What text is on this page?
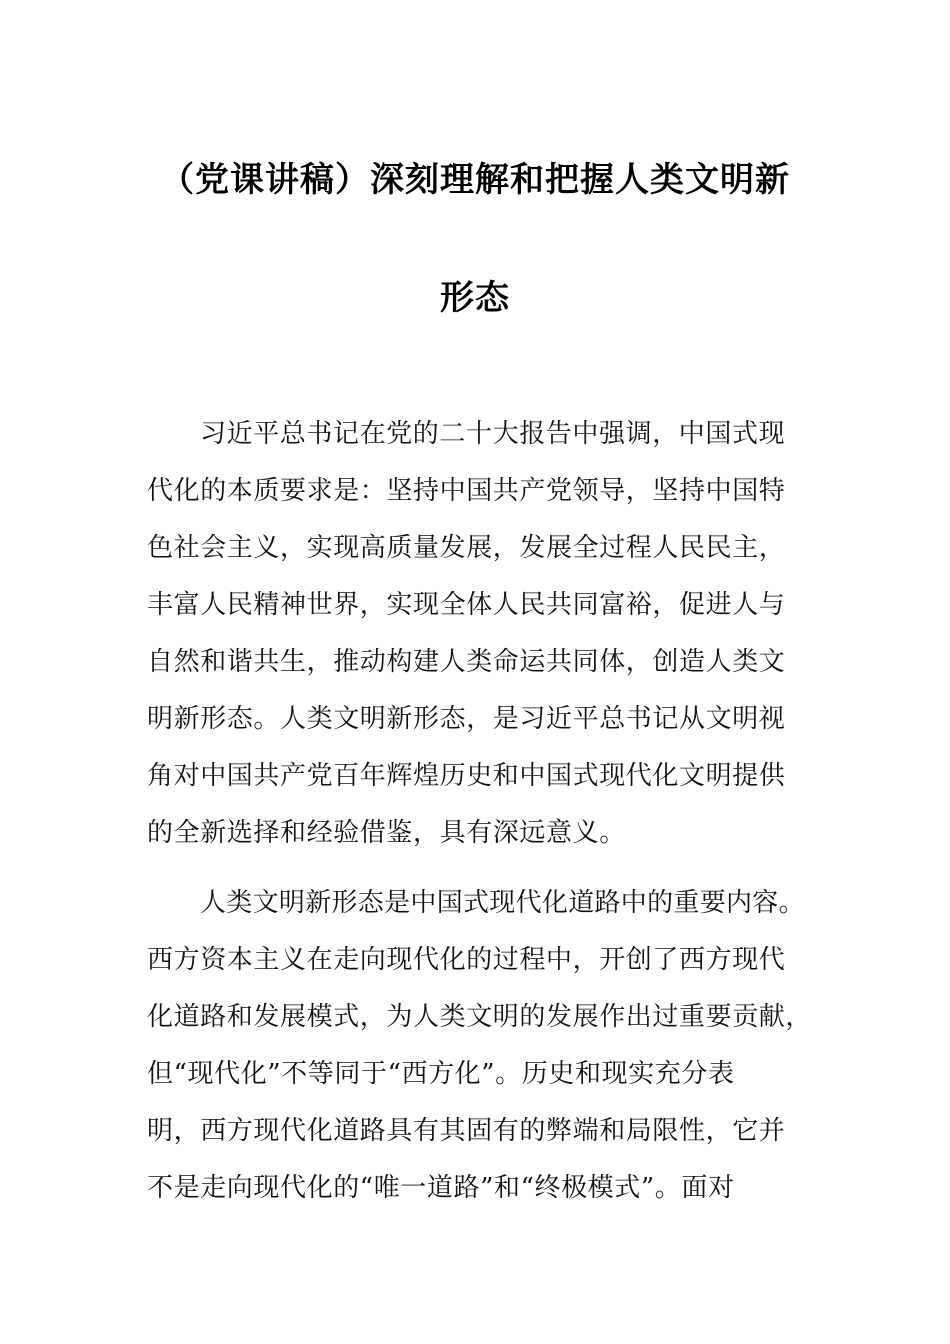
（党课讲稿）深刻理解和把握人类文明新
形态
习近平总书记在党的二十大报告中强调，中国式现
代化的本质要求是：坚持中国共产党领导，坚持中国特
色社会主义，实现高质量发展，发展全过程人民民主，
丰富人民精神世界，实现全体人民共同富裕，促进人与
自然和谐共生，推动构建人类命运共同体，创造人类文
明新形态。人类文明新形态，是习近平总书记从文明视
角对中国共产党百年辉煌历史和中国式现代化文明提供
的全新选择和经验借鉴，具有深远意义。
人类文明新形态是中国式现代化道路中的重要内容。
西方资本主义在走向现代化的过程中，开创了西方现代
化道路和发展模式，为人类文明的发展作出过重要贡献，
但“现代化”不等同于“西方化”。历史和现实充分表
明，西方现代化道路具有其固有的弊端和局限性，它并
不是走向现代化的“唯一道路”和“终极模式”。面对
